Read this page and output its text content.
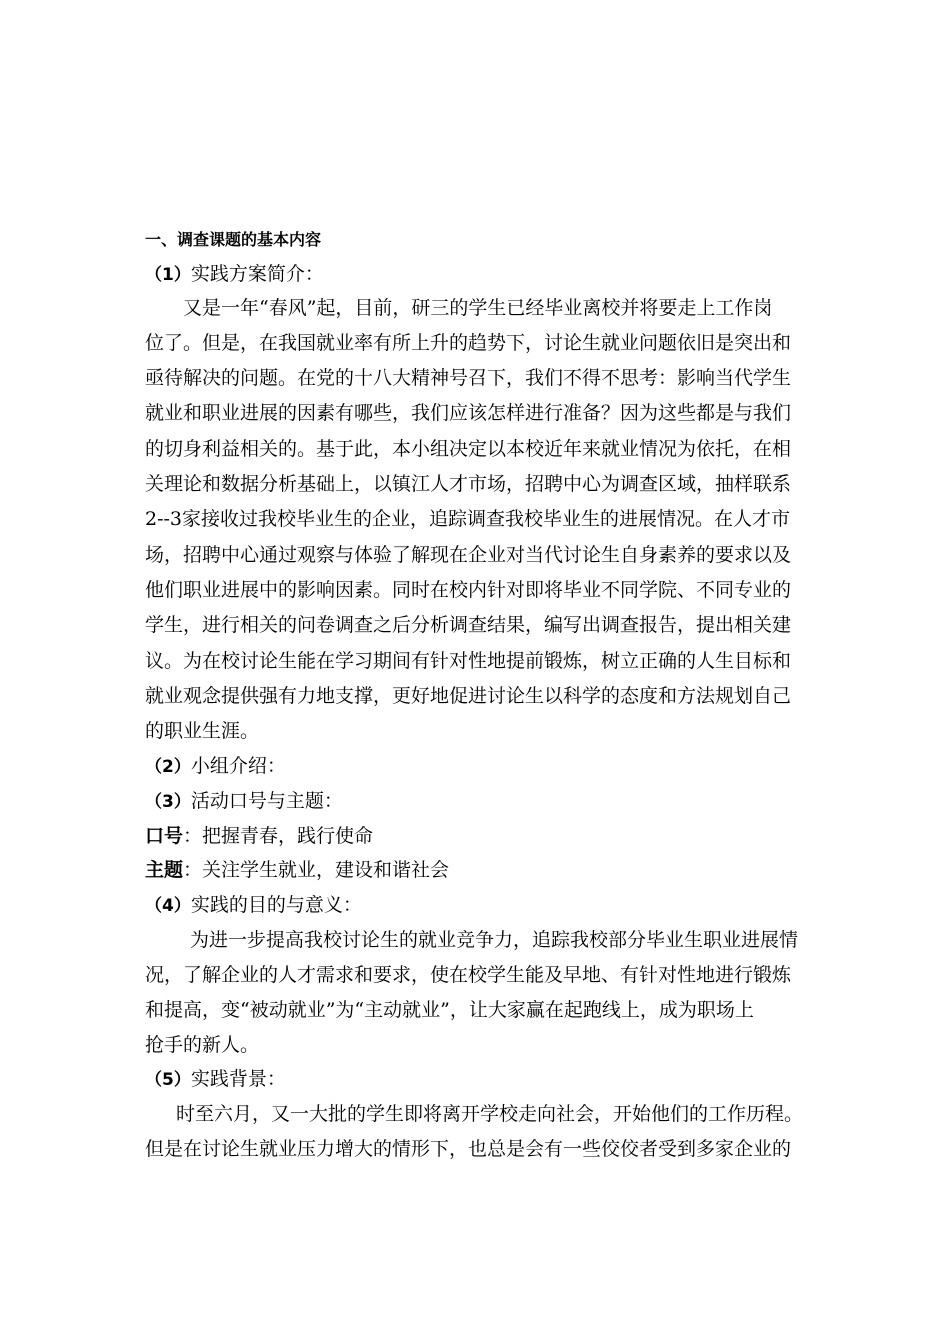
一、调查课题的基本内容
（1）实践方案简介：
又是一年“春风”起，目前，研三的学生已经毕业离校并将要走上工作岗
位了。但是，在我国就业率有所上升的趋势下，讨论生就业问题依旧是突出和
亟待解决的问题。在党的十八大精神号召下，我们不得不思考：影响当代学生
就业和职业进展的因素有哪些，我们应该怎样进行准备？因为这些都是与我们
的切身利益相关的。基于此，本小组决定以本校近年来就业情况为依托，在相
关理论和数据分析基础上，以镇江人才市场，招聘中心为调查区域，抽样联系
2--3家接收过我校毕业生的企业，追踪调查我校毕业生的进展情况。在人才市
场，招聘中心通过观察与体验了解现在企业对当代讨论生自身素养的要求以及
他们职业进展中的影响因素。同时在校内针对即将毕业不同学院、不同专业的
学生，进行相关的问卷调查之后分析调查结果，编写出调查报告，提出相关建
议。为在校讨论生能在学习期间有针对性地提前锻炼，树立正确的人生目标和
就业观念提供强有力地支撑，更好地促进讨论生以科学的态度和方法规划自己
的职业生涯。
（2）小组介绍：
（3）活动口号与主题：
口号：把握青春，践行使命
主题：关注学生就业，建设和谐社会
（4）实践的目的与意义：
为进一步提高我校讨论生的就业竞争力，追踪我校部分毕业生职业进展情
况，了解企业的人才需求和要求，使在校学生能及早地、有针对性地进行锻炼
和提高，变“被动就业”为“主动就业”，让大家赢在起跑线上，成为职场上
抢手的新人。
（5）实践背景：
时至六月，又一大批的学生即将离开学校走向社会，开始他们的工作历程。
但是在讨论生就业压力增大的情形下，也总是会有一些佼佼者受到多家企业的
